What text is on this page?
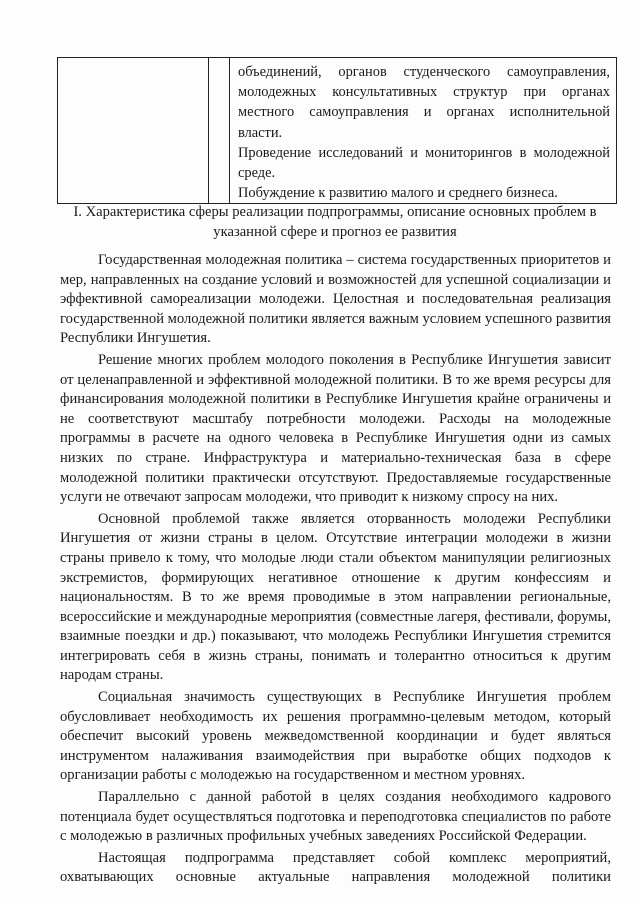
объединений, органов студенческого самоуправления, молодежных консультативных структур при органах местного самоуправления и органах исполнительной власти.

Проведение исследований и мониторингов в молодежной среде.

Побуждение к развитию малого и среднего бизнеса.

I. Характеристика сферы реализации подпрограммы, описание основных проблем в указанной сфере и прогноз ее развития

Государственная молодежная политика – система государственных приоритетов и мер, направленных на создание условий и возможностей для успешной социализации и эффективной самореализации молодежи. Целостная и последовательная реализация государственной молодежной политики является важным условием успешного развития Республики Ингушетия.

Решение многих проблем молодого поколения в Республике Ингушетия зависит от целенаправленной и эффективной молодежной политики. В то же время ресурсы для финансирования молодежной политики в Республике Ингушетия крайне ограничены и не соответствуют масштабу потребности молодежи. Расходы на молодежные программы в расчете на одного человека в Республике Ингушетия одни из самых низких по стране. Инфраструктура и материально-техническая база в сфере молодежной политики практически отсутствуют. Предоставляемые государственные услуги не отвечают запросам молодежи, что приводит к низкому спросу на них.

Основной проблемой также является оторванность молодежи Республики Ингушетия от жизни страны в целом. Отсутствие интеграции молодежи в жизни страны привело к тому, что молодые люди стали объектом манипуляции религиозных экстремистов, формирующих негативное отношение к другим конфессиям и национальностям. В то же время проводимые в этом направлении региональные, всероссийские и международные мероприятия (совместные лагеря, фестивали, форумы, взаимные поездки и др.) показывают, что молодежь Республики Ингушетия стремится интегрировать себя в жизнь страны, понимать и толерантно относиться к другим народам страны.

Социальная значимость существующих в Республике Ингушетия проблем обусловливает необходимость их решения программно-целевым методом, который обеспечит высокий уровень межведомственной координации и будет являться инструментом налаживания взаимодействия при выработке общих подходов к организации работы с молодежью на государственном и местном уровнях.

Параллельно с данной работой в целях создания необходимого кадрового потенциала будет осуществляться подготовка и переподготовка специалистов по работе с молодежью в различных профильных учебных заведениях Российской Федерации.

Настоящая подпрограмма представляет собой комплекс мероприятий, охватывающих основные актуальные направления молодежной политики
